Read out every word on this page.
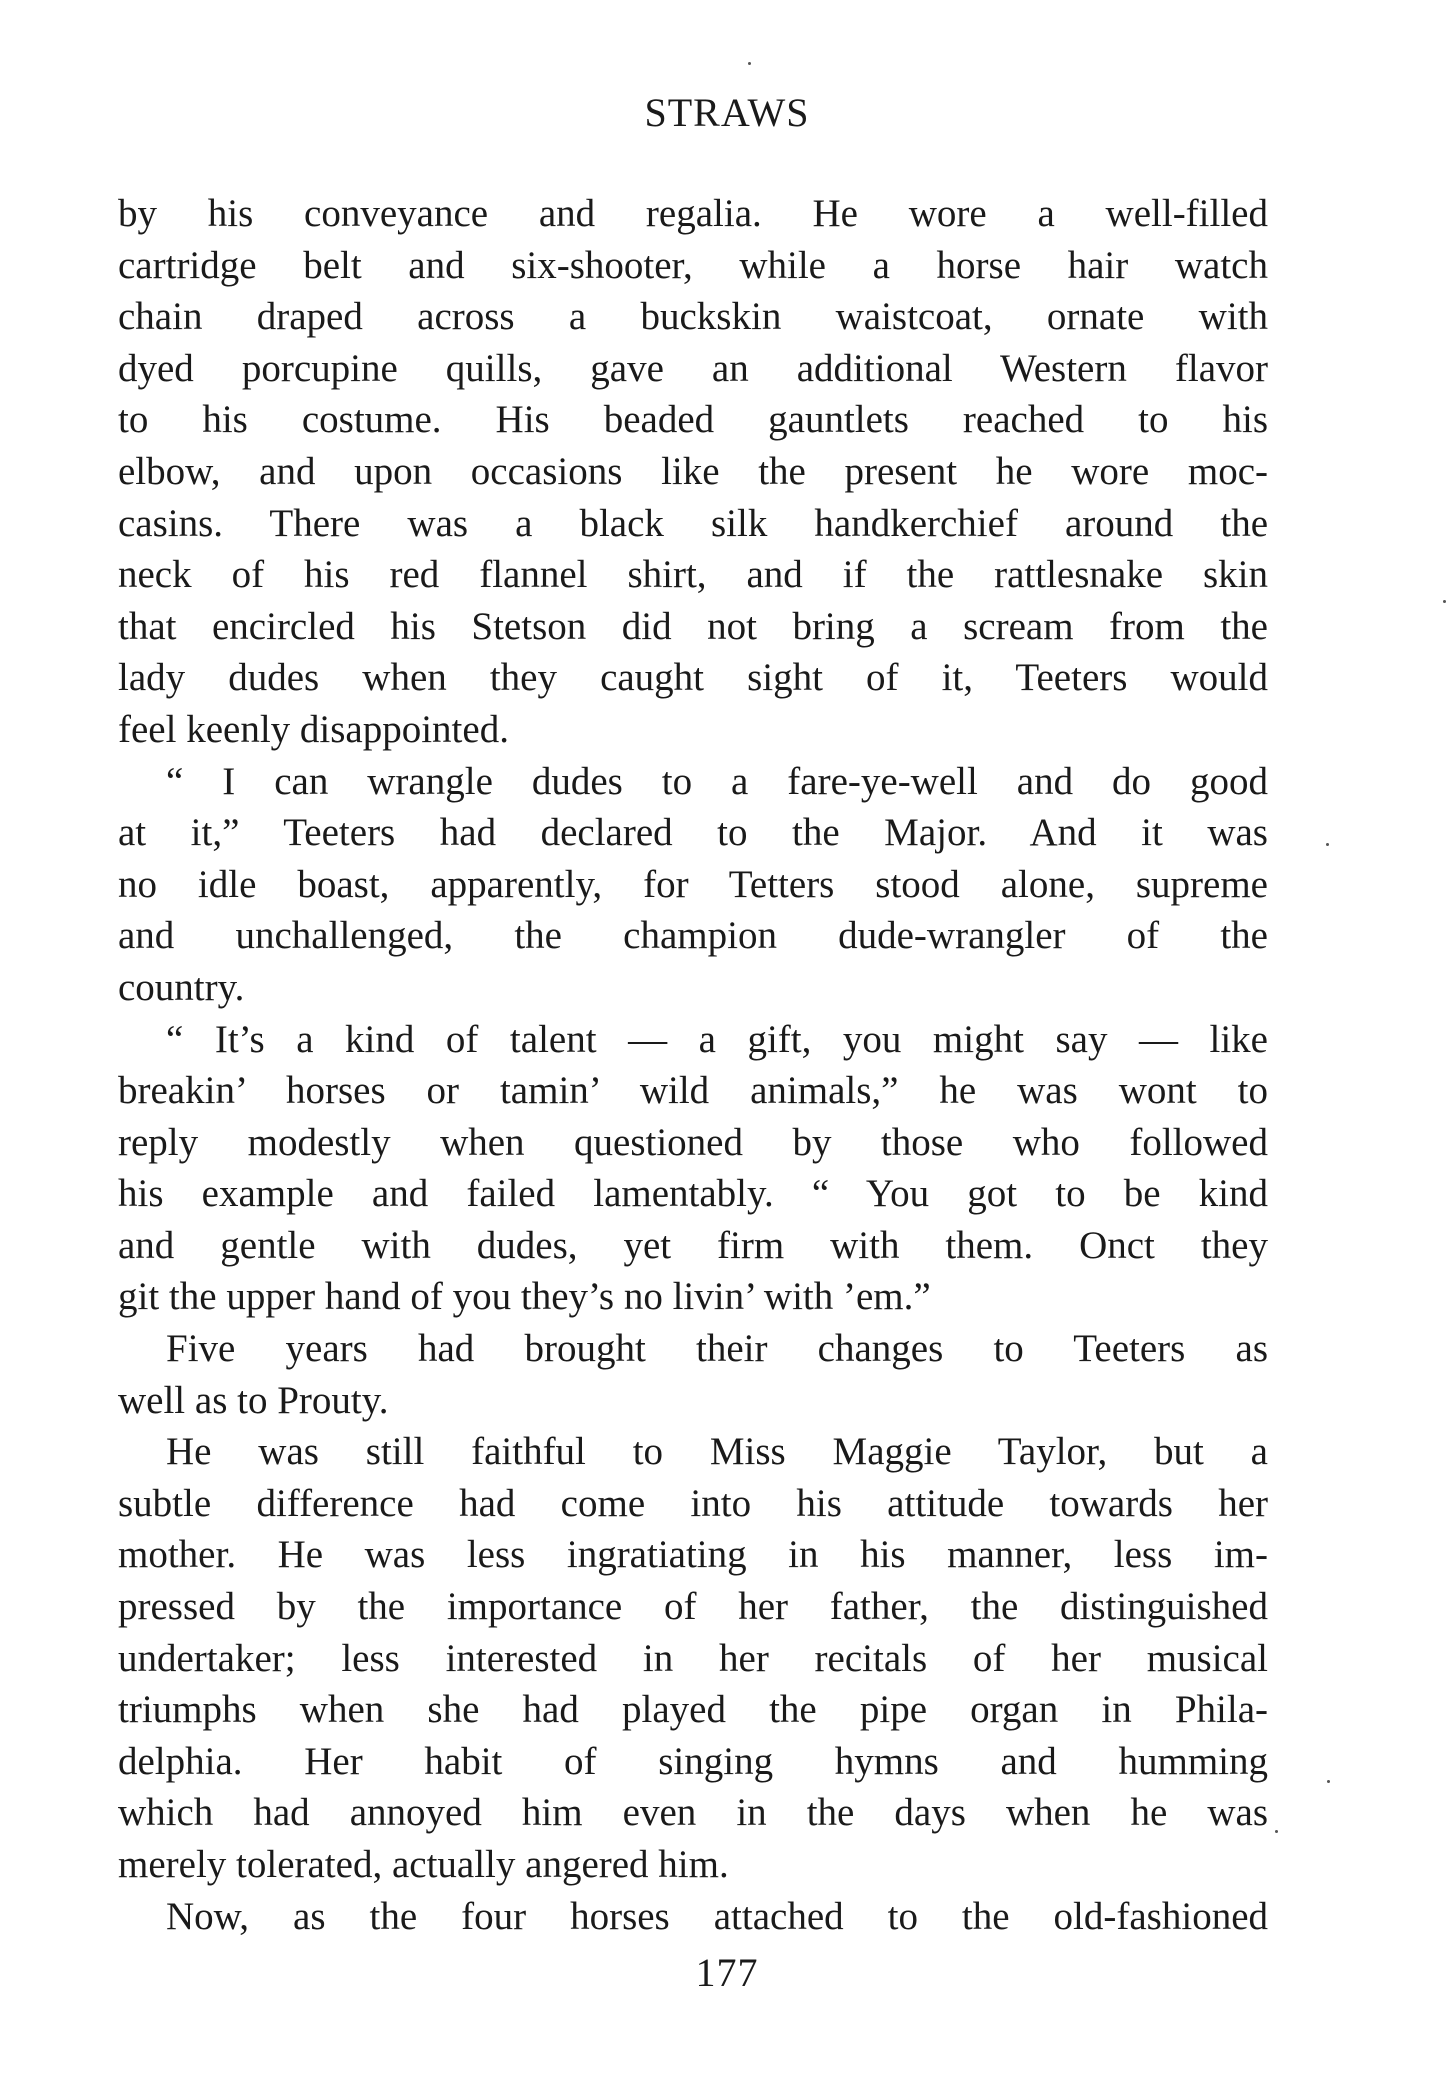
STRAWS

by his conveyance and regalia. He wore a well-filled
cartridge belt and six-shooter, while a horse hair watch
chain draped across a buckskin waistcoat, ornate with
dyed porcupine quills, gave an additional Western flavor
to his costume. His beaded gauntlets reached to his
elbow, and upon occasions like the present he wore moc-
casins. There was a black silk handkerchief around the
neck of his red flannel shirt, and if the rattlesnake skin
that encircled his Stetson did not bring a scream from the
lady dudes when they caught sight of it, Teeters would
feel keenly disappointed.

“ I can wrangle dudes to a fare-ye-well and do good
at it,” Teeters had declared to the Major. And it was
no idle boast, apparently, for Tetters stood alone, supreme
and unchallenged, the champion dude-wrangler of the
country.

“ It’s a kind of talent — a gift, you might say — like
breakin’ horses or tamin’ wild animals,” he was wont to
reply modestly when questioned by those who followed
his example and failed lamentably. “ You got to be kind
and gentle with dudes, yet firm with them. Onct they
git the upper hand of you they’s no livin’ with ’em.”

Five years had brought their changes to Teeters as
well as to Prouty.

He was still faithful to Miss Maggie Taylor, but a
subtle difference had come into his attitude towards her
mother. He was less ingratiating in his manner, less im-
pressed by the importance of her father, the distinguished
undertaker; less interested in her recitals of her musical
triumphs when she had played the pipe organ in Phila-
delphia. Her habit of singing hymns and humming
which had annoyed him even in the days when he was
merely tolerated, actually angered him.

Now, as the four horses attached to the old-fashioned

177
